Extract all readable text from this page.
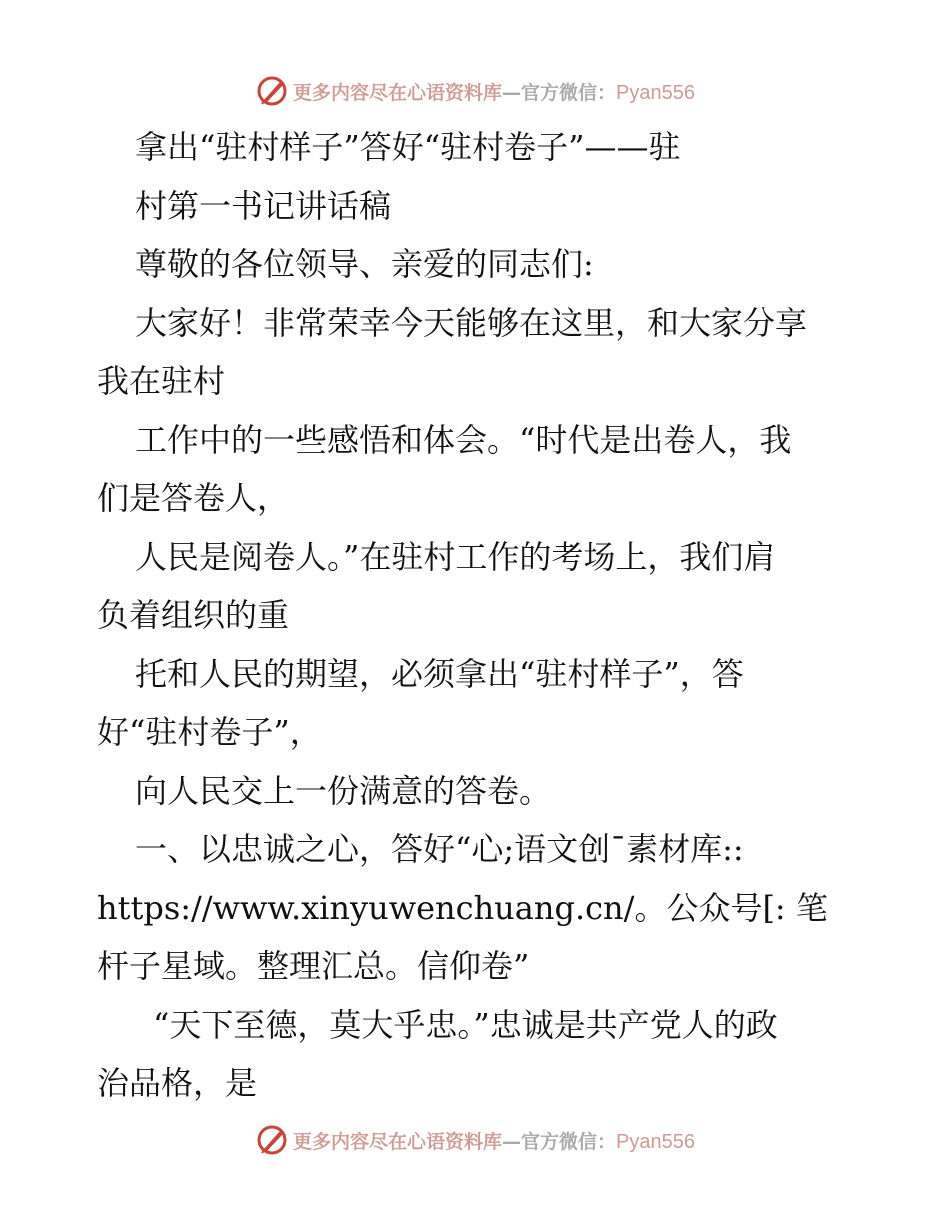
更多内容尽在心语资料库—官方微信：Pyan556
拿出“驻村样子”答好“驻村卷子”——驻
村第一书记讲话稿
尊敬的各位领导、亲爱的同志们:
大家好！非常荣幸今天能够在这里，和大家分享
我在驻村
工作中的一些感悟和体会。“时代是出卷人，我
们是答卷人，
人民是阅卷人。”在驻村工作的考场上，我们肩
负着组织的重
托和人民的期望，必须拿出“驻村样子”，答
好“驻村卷子”，
向人民交上一份满意的答卷。
一、以忠诚之心，答好“心;语文创¯素材库::
https://www.xinyuwenchuang.cn/。公众号[: 笔
杆子星域。整理汇总。信仰卷”
“天下至德，莫大乎忠。”忠诚是共产党人的政
治品格，是
更多内容尽在心语资料库—官方微信：Pyan556
